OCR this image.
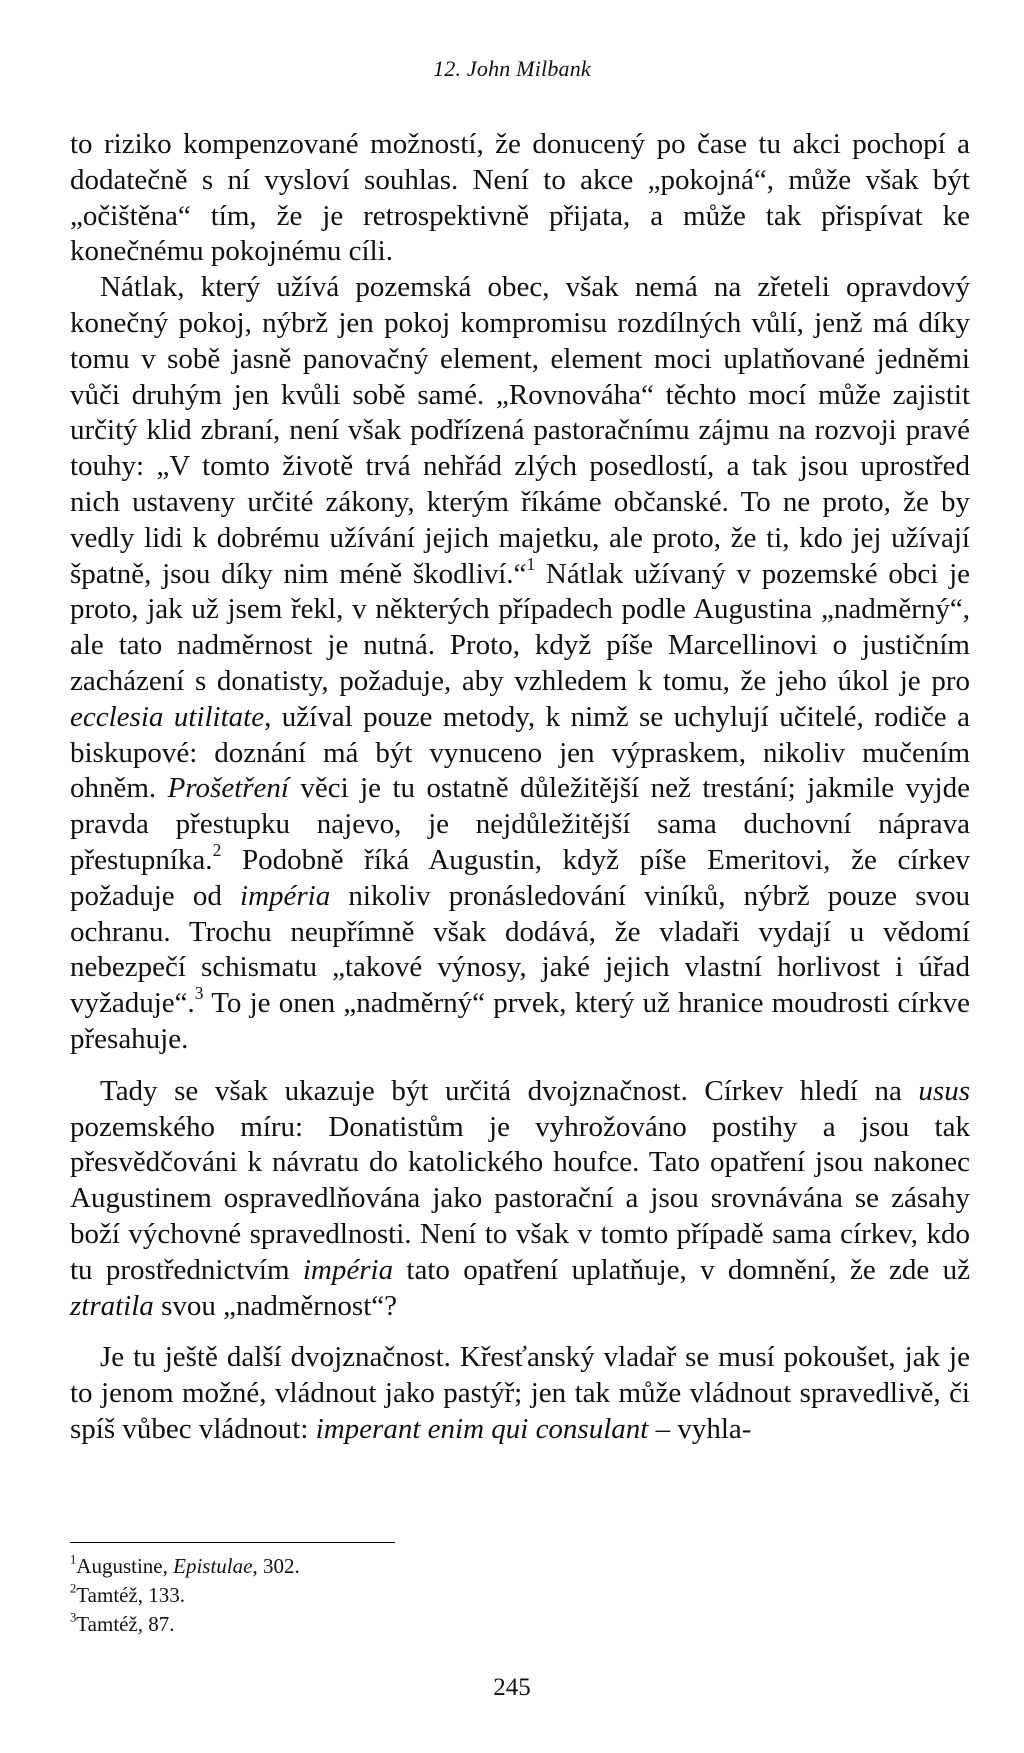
12. John Milbank

to riziko kompenzované možností, že donucený po čase tu akci pochopí a dodatečně s ní vysloví souhlas. Není to akce „pokojná“, může však být „očištěna“ tím, že je retrospektivně přijata, a může tak přispívat ke konečnému pokojnému cíli.

Nátlak, který užívá pozemská obec, však nemá na zřeteli opravdový konečný pokoj, nýbrž jen pokoj kompromisu rozdílných vůlí, jenž má díky tomu v sobě jasně panovačný element, element moci uplatňované jedněmi vůči druhým jen kvůli sobě samé. „Rovnováha“ těchto mocí může zajistit určitý klid zbraní, není však podřízená pastoračnímu zájmu na rozvoji pravé touhy: „V tomto životě trvá nehřád zlých posedlostí, a tak jsou uprostřed nich ustaveny určité zákony, kterým říkáme občanské. To ne proto, že by vedly lidi k dobrému užívání jejich majetku, ale proto, že ti, kdo jej užívají špatně, jsou díky nim méně škodliví.“$^1$ Nátlak užívaný v pozemské obci je proto, jak už jsem řekl, v některých případech podle Augustina „nadměrný“, ale tato nadměrnost je nutná. Proto, když píše Marcellinovi o justičním zacházení s donatisty, požaduje, aby vzhledem k tomu, že jeho úkol je pro ecclesia utilitate, užíval pouze metody, k nimž se uchylují učitelé, rodiče a biskupové: doznání má být vynuceno jen výpraskem, nikoliv mučením ohněm. Prošetření věci je tu ostatně důležitější než trestání; jakmile vyjde pravda přestupku najevo, je nejdůležitější sama duchovní náprava přestupníka.$^2$ Podobně říká Augustin, když píše Emeritovi, že církev požaduje od impéria nikoliv pronásledování viníků, nýbrž pouze svou ochranu. Trochu neupřímně však dodává, že vladaři vydají u vědomí nebezpečí schismatu „takové výnosy, jaké jejich vlastní horlivost i úřad vyžaduje“.$^3$ To je onen „nadměrný“ prvek, který už hranice moudrosti církve přesahuje.

Tady se však ukazuje být určitá dvojznačnost. Církev hledí na usus pozemského míru: Donatistům je vyhrožováno postihy a jsou tak přesvědčováni k návratu do katolického houfce. Tato opatření jsou nakonec Augustinem ospravedlňována jako pastorační a jsou srovnávána se zásahy boží výchovné spravedlnosti. Není to však v tomto případě sama církev, kdo tu prostřednictvím impéria tato opatření uplatňuje, v domnění, že zde už ztratila svou „nadměrnost“?

Je tu ještě další dvojznačnost. Křesťanský vladař se musí pokoušet, jak je to jenom možné, vládnout jako pastýř; jen tak může vládnout spravedlivě, či spíš vůbec vládnout: imperant enim qui consulant – vyhla-

$^1$Augustine, Epistulae, 302.

$^2$Tamtéž, 133.

$^3$Tamtéž, 87.

245
